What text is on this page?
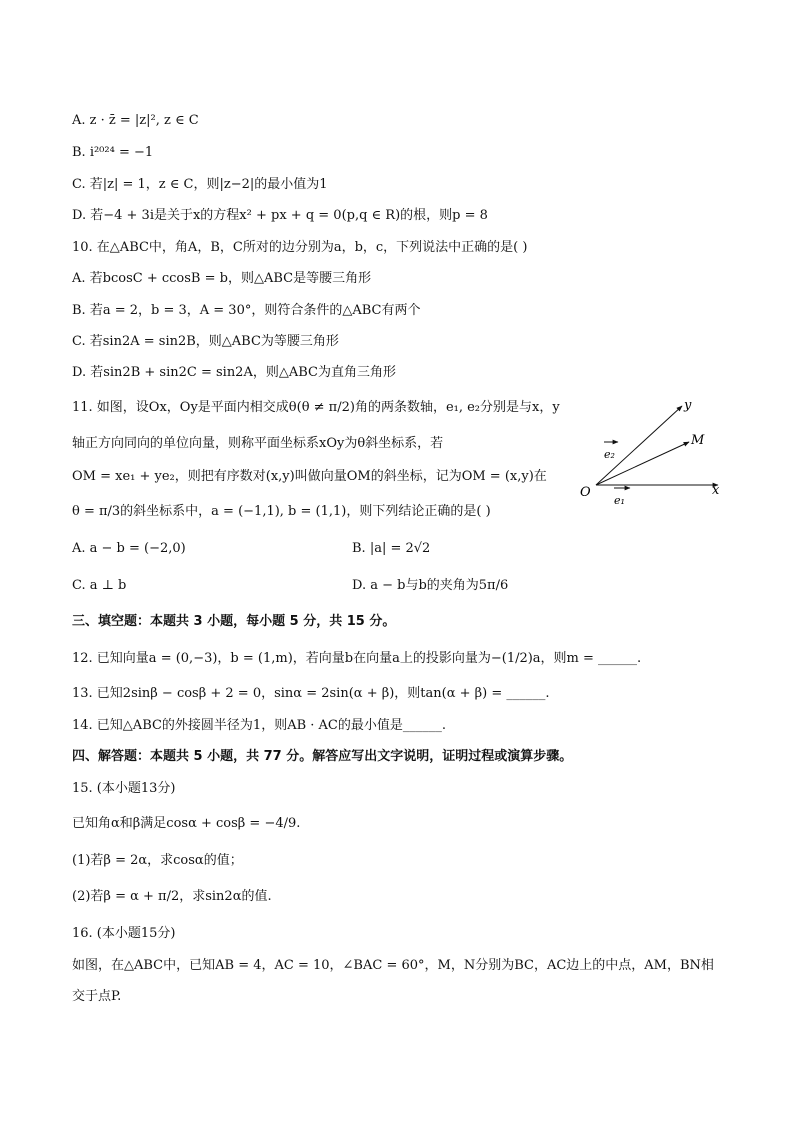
A. z · z̄ = |z|², z ∈ C
B. i²⁰²⁴ = −1
C. 若|z| = 1，z ∈ C，则|z−2|的最小值为1
D. 若−4 + 3i是关于x的方程x² + px + q = 0(p,q ∈ R)的根，则p = 8
10. 在△ABC中，角A，B，C所对的边分别为a，b，c，下列说法中正确的是( )
A. 若bcosC + ccosB = b，则△ABC是等腰三角形
B. 若a = 2，b = 3，A = 30°，则符合条件的△ABC有两个
C. 若sin2A = sin2B，则△ABC为等腰三角形
D. 若sin2B + sin2C = sin2A，则△ABC为直角三角形
11. 如图，设Ox，Oy是平面内相交成θ(θ ≠ π/2)角的两条数轴，e₁, e₂分别是与x，y
轴正方向同向的单位向量，则称平面坐标系xOy为θ斜坐标系，若
OM = xe₁ + ye₂，则把有序数对(x,y)叫做向量OM的斜坐标，记为OM = (x,y)在
θ = π/3的斜坐标系中，a = (−1,1), b = (1,1)，则下列结论正确的是( )
A. a − b = (−2,0)	B. |a| = 2√2
C. a ⊥ b	D. a − b与b的夹角为5π/6
y
M
O	x
e₁
e₂
三、填空题：本题共 3 小题，每小题 5 分，共 15 分。
12. 已知向量a = (0,−3)，b = (1,m)，若向量b在向量a上的投影向量为−(1/2)a，则m = ______.
13. 已知2sinβ − cosβ + 2 = 0，sinα = 2sin(α + β)，则tan(α + β) = ______.
14. 已知△ABC的外接圆半径为1，则AB · AC的最小值是______.
四、解答题：本题共 5 小题，共 77 分。解答应写出文字说明，证明过程或演算步骤。
15. (本小题13分)
已知角α和β满足cosα + cosβ = −4/9.
(1)若β = 2α，求cosα的值；
(2)若β = α + π/2，求sin2α的值.
16. (本小题15分)
如图，在△ABC中，已知AB = 4，AC = 10，∠BAC = 60°，M，N分别为BC，AC边上的中点，AM，BN相
交于点P.
